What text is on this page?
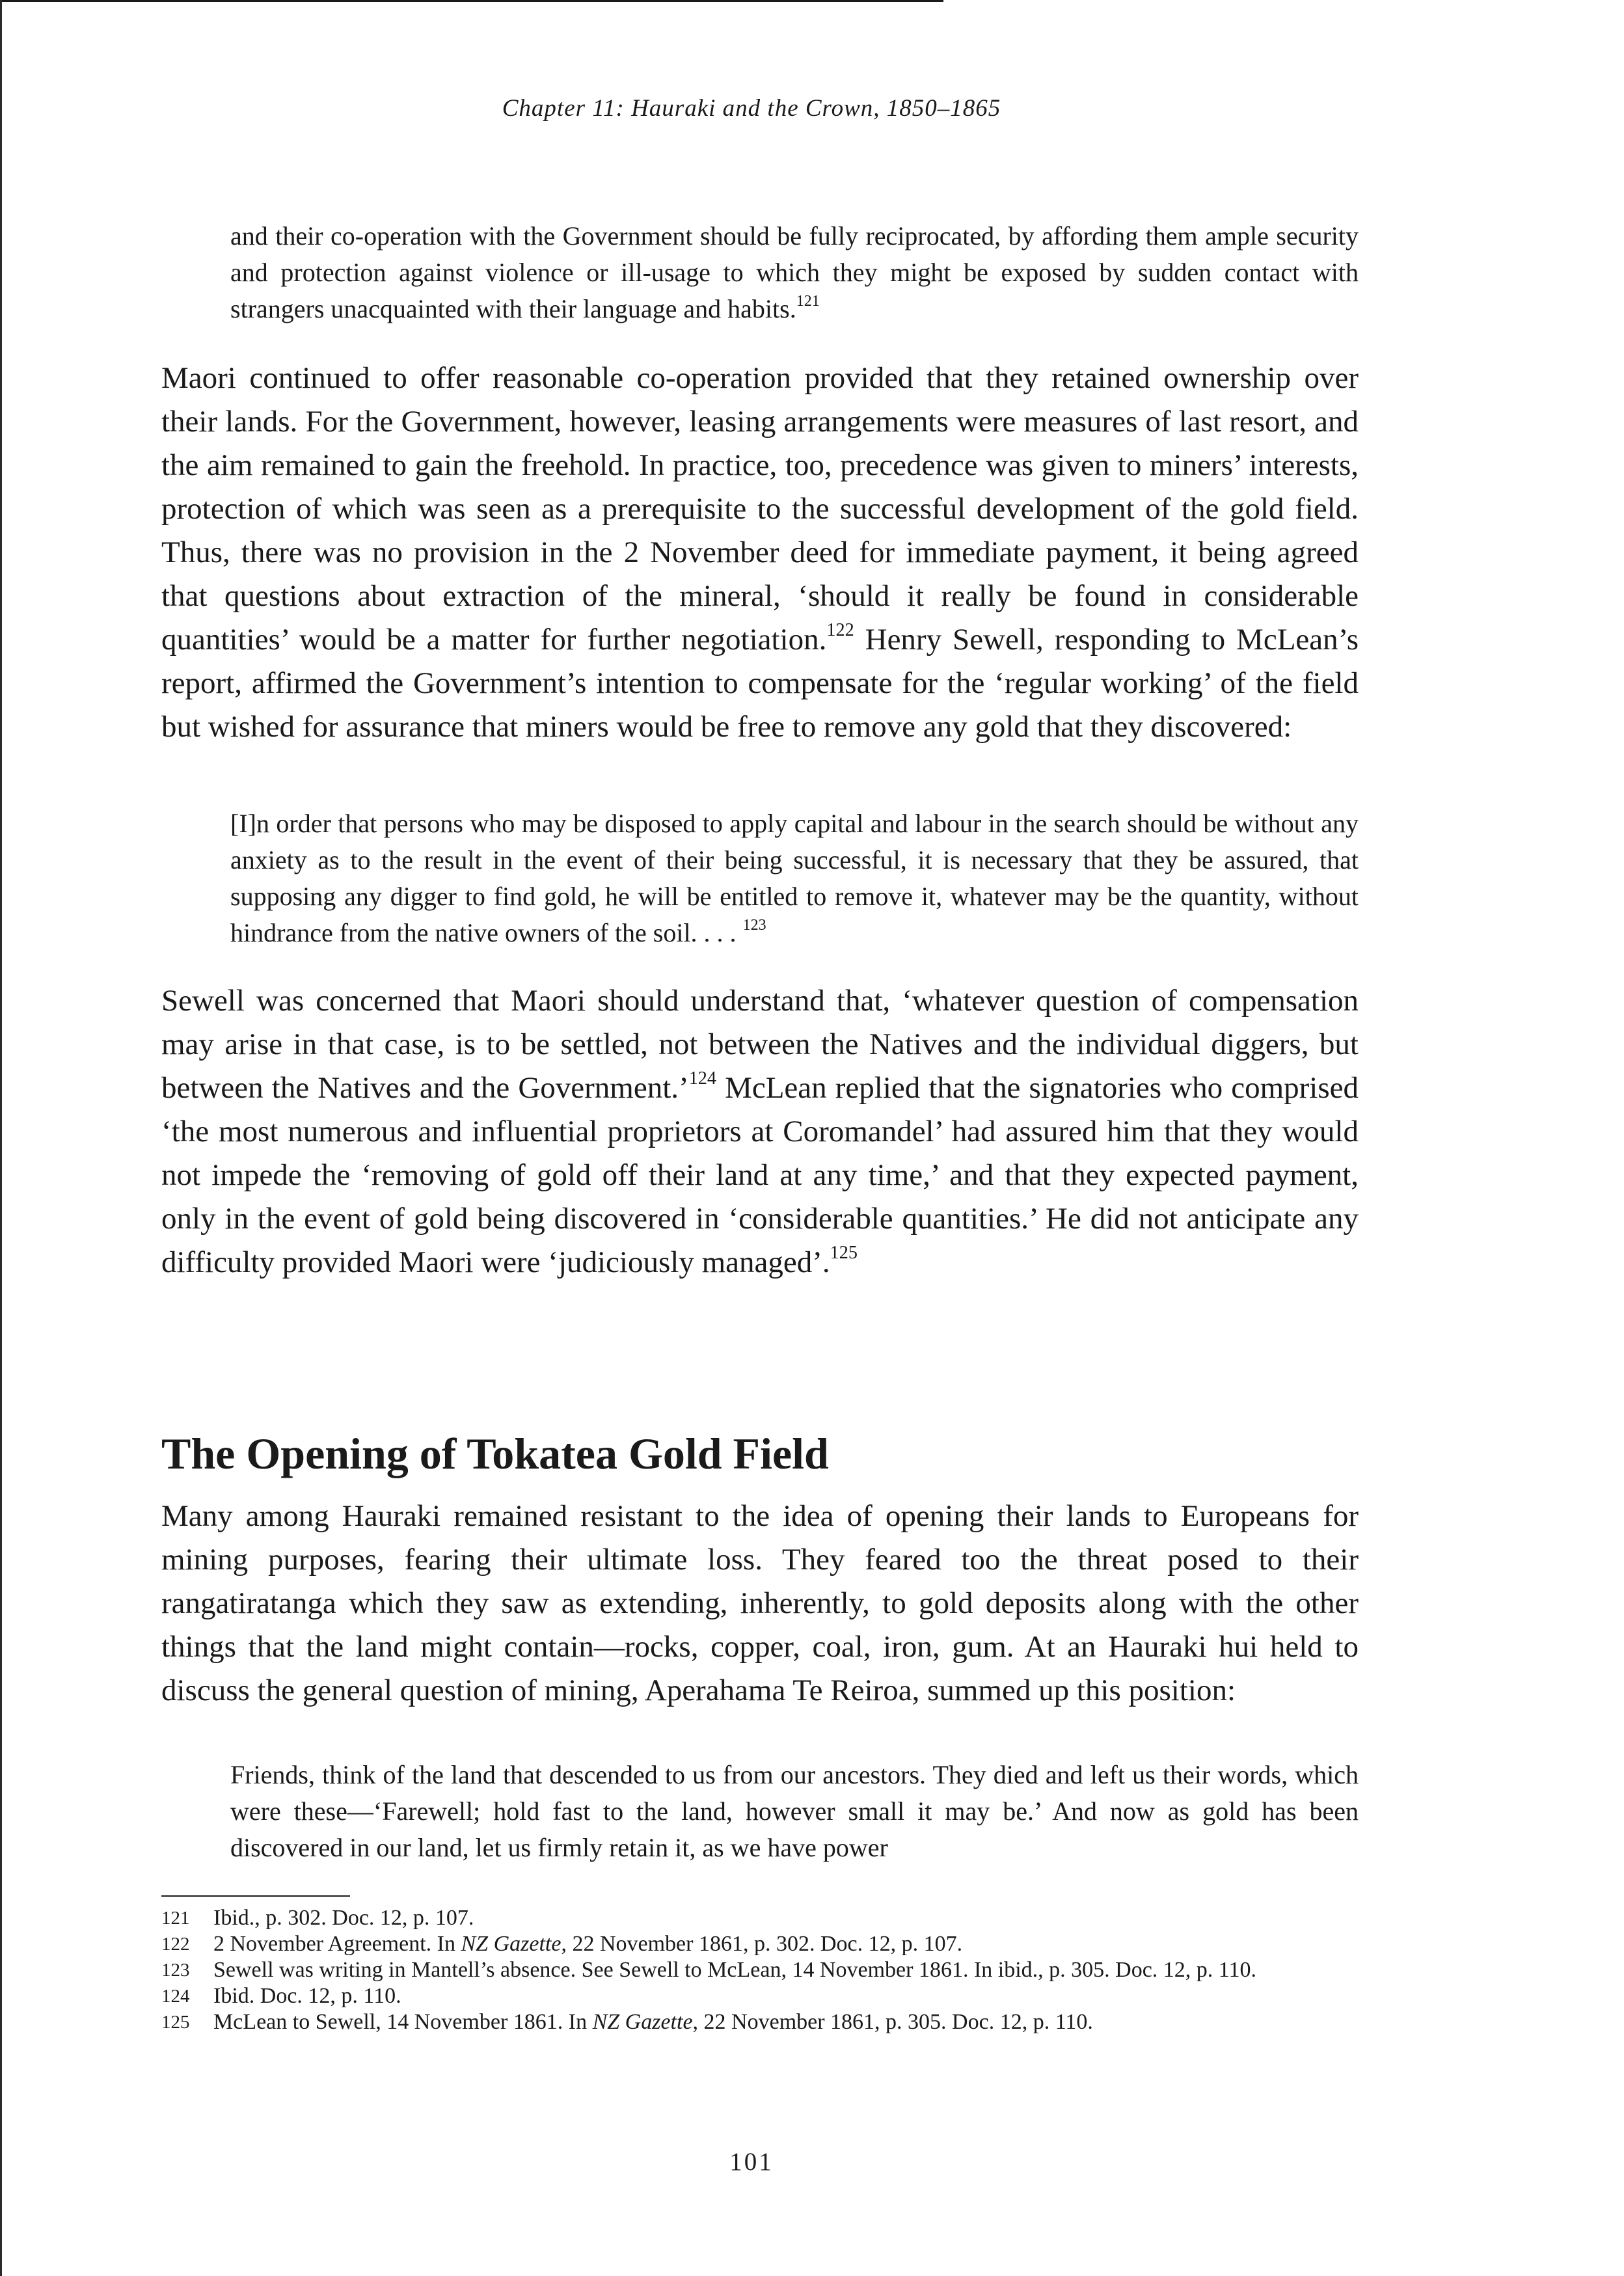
Chapter 11: Hauraki and the Crown, 1850–1865

and their co-operation with the Government should be fully reciprocated, by affording them ample security and protection against violence or ill-usage to which they might be exposed by sudden contact with strangers unacquainted with their language and habits.$^{121}$

Maori continued to offer reasonable co-operation provided that they retained ownership over their lands. For the Government, however, leasing arrangements were measures of last resort, and the aim remained to gain the freehold. In practice, too, precedence was given to miners’ interests, protection of which was seen as a prerequisite to the successful development of the gold field. Thus, there was no provision in the 2 November deed for immediate payment, it being agreed that questions about extraction of the mineral, ‘should it really be found in considerable quantities’ would be a matter for further negotiation.$^{122}$ Henry Sewell, responding to McLean’s report, affirmed the Government’s intention to compensate for the ‘regular working’ of the field but wished for assurance that miners would be free to remove any gold that they discovered:

[I]n order that persons who may be disposed to apply capital and labour in the search should be without any anxiety as to the result in the event of their being successful, it is necessary that they be assured, that supposing any digger to find gold, he will be entitled to remove it, whatever may be the quantity, without hindrance from the native owners of the soil. . . . $^{123}$

Sewell was concerned that Maori should understand that, ‘whatever question of compensation may arise in that case, is to be settled, not between the Natives and the individual diggers, but between the Natives and the Government.’$^{124}$ McLean replied that the signatories who comprised ‘the most numerous and influential proprietors at Coromandel’ had assured him that they would not impede the ‘removing of gold off their land at any time,’ and that they expected payment, only in the event of gold being discovered in ‘considerable quantities.’ He did not anticipate any difficulty provided Maori were ‘judiciously managed’.$^{125}$

The Opening of Tokatea Gold Field

Many among Hauraki remained resistant to the idea of opening their lands to Europeans for mining purposes, fearing their ultimate loss. They feared too the threat posed to their rangatiratanga which they saw as extending, inherently, to gold deposits along with the other things that the land might contain—rocks, copper, coal, iron, gum. At an Hauraki hui held to discuss the general question of mining, Aperahama Te Reiroa, summed up this position:

Friends, think of the land that descended to us from our ancestors. They died and left us their words, which were these—‘Farewell; hold fast to the land, however small it may be.’ And now as gold has been discovered in our land, let us firmly retain it, as we have power

121	Ibid., p. 302. Doc. 12, p. 107.
122	2 November Agreement. In NZ Gazette, 22 November 1861, p. 302. Doc. 12, p. 107.
123	Sewell was writing in Mantell’s absence. See Sewell to McLean, 14 November 1861. In ibid., p. 305. Doc. 12, p. 110.
124	Ibid. Doc. 12, p. 110.
125	McLean to Sewell, 14 November 1861. In NZ Gazette, 22 November 1861, p. 305. Doc. 12, p. 110.
101
